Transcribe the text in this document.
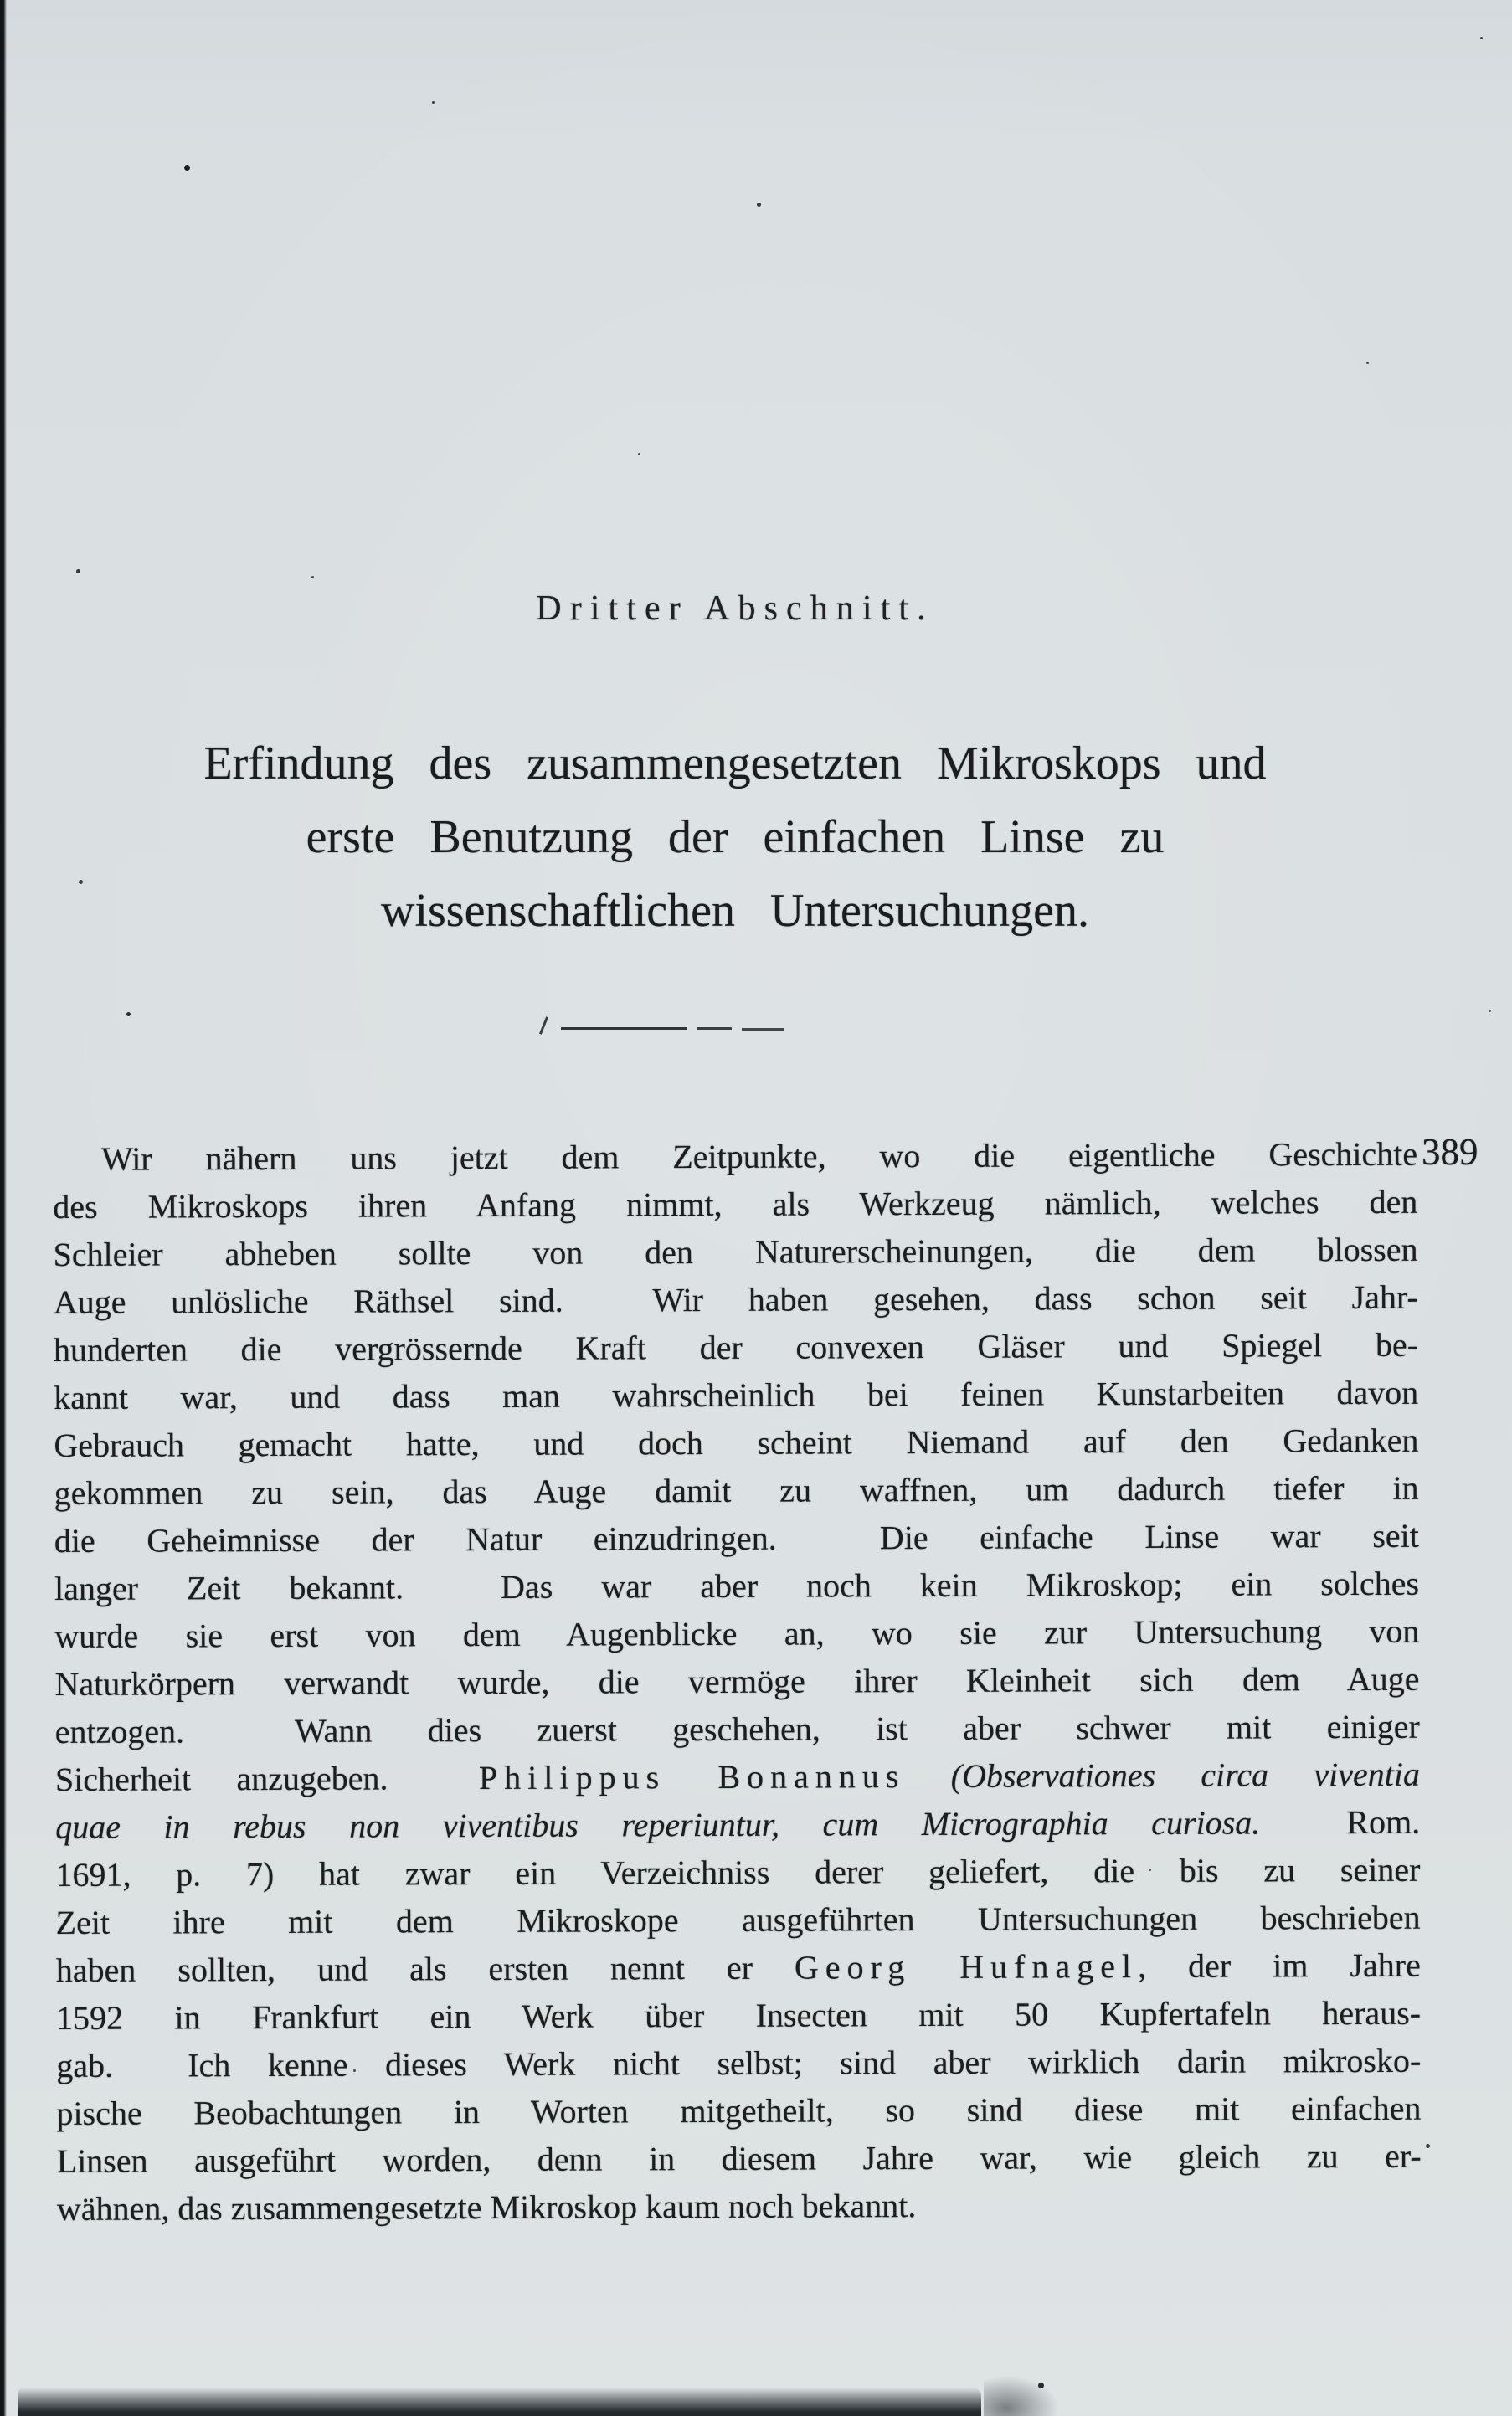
Dritter Abschnitt.
Erfindung des zusammengesetzten Mikroskops und
erste Benutzung der einfachen Linse zu
wissenschaftlichen Untersuchungen.
389
Wir nähern uns jetzt dem Zeitpunkte, wo die eigentliche Geschichte
des Mikroskops ihren Anfang nimmt, als Werkzeug nämlich, welches den
Schleier abheben sollte von den Naturerscheinungen, die dem blossen
Auge unlösliche Räthsel sind.  Wir haben gesehen, dass schon seit Jahr-
hunderten die vergrössernde Kraft der convexen Gläser und Spiegel be-
kannt war, und dass man wahrscheinlich bei feinen Kunstarbeiten davon
Gebrauch gemacht hatte, und doch scheint Niemand auf den Gedanken
gekommen zu sein, das Auge damit zu waffnen, um dadurch tiefer in
die Geheimnisse der Natur einzudringen.  Die einfache Linse war seit
langer Zeit bekannt.  Das war aber noch kein Mikroskop; ein solches
wurde sie erst von dem Augenblicke an, wo sie zur Untersuchung von
Naturkörpern verwandt wurde, die vermöge ihrer Kleinheit sich dem Auge
entzogen.  Wann dies zuerst geschehen, ist aber schwer mit einiger
Sicherheit anzugeben.  Philippus Bonannus (Observationes circa viventia
quae in rebus non viventibus reperiuntur, cum Micrographia curiosa.  Rom.
1691, p. 7) hat zwar ein Verzeichniss derer geliefert, die bis zu seiner
Zeit ihre mit dem Mikroskope ausgeführten Untersuchungen beschrieben
haben sollten, und als ersten nennt er Georg Hufnagel, der im Jahre
1592 in Frankfurt ein Werk über Insecten mit 50 Kupfertafeln heraus-
gab.  Ich kenne dieses Werk nicht selbst; sind aber wirklich darin mikrosko-
pische Beobachtungen in Worten mitgetheilt, so sind diese mit einfachen
Linsen ausgeführt worden, denn in diesem Jahre war, wie gleich zu er-
wähnen, das zusammengesetzte Mikroskop kaum noch bekannt.
